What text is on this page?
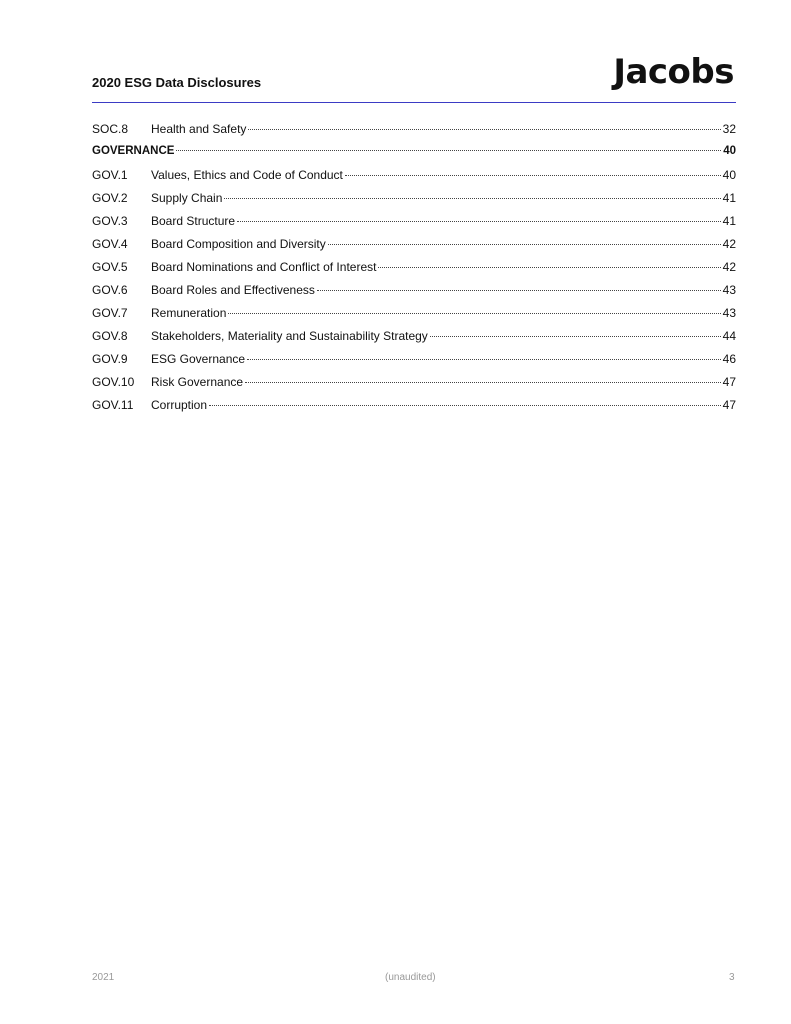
2020 ESG Data Disclosures	Jacobs
SOC.8	Health and Safety	32
GOVERNANCE	40
GOV.1	Values, Ethics and Code of Conduct	40
GOV.2	Supply Chain	41
GOV.3	Board Structure	41
GOV.4	Board Composition and Diversity	42
GOV.5	Board Nominations and Conflict of Interest	42
GOV.6	Board Roles and Effectiveness	43
GOV.7	Remuneration	43
GOV.8	Stakeholders, Materiality and Sustainability Strategy	44
GOV.9	ESG Governance	46
GOV.10	Risk Governance	47
GOV.11	Corruption	47
2021	(unaudited)	3
